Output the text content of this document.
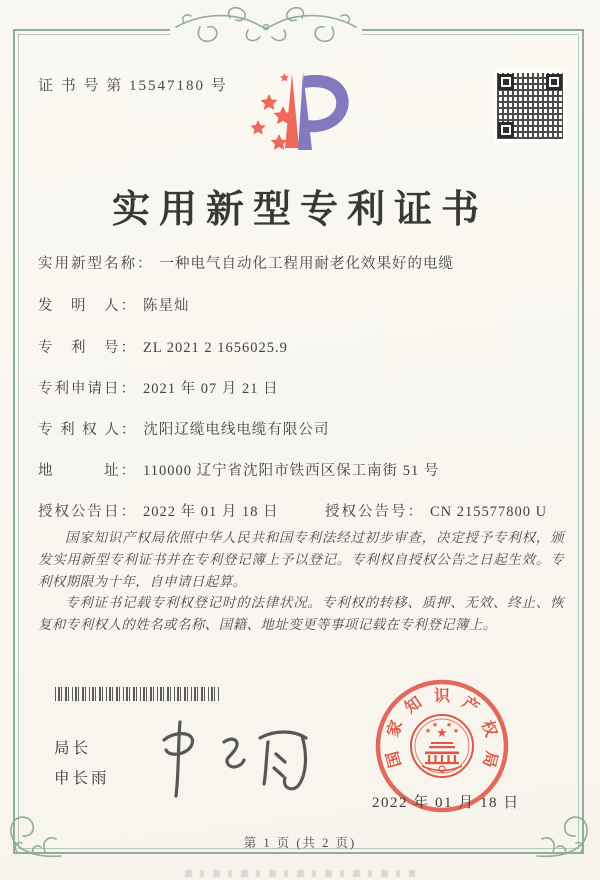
证 书 号 第 15547180 号
实用新型专利证书
实用新型名称： 一种电气自动化工程用耐老化效果好的电缆
发　明　人： 陈星灿
专　利　号： ZL 2021 2 1656025.9
专利申请日： 2021 年 07 月 21 日
专 利 权 人： 沈阳辽缆电线电缆有限公司
地　　　址： 110000 辽宁省沈阳市铁西区保工南街 51 号
授权公告日： 2022 年 01 月 18 日	授权公告号： CN 215577800 U

国家知识产权局依照中华人民共和国专利法经过初步审查，决定授予专利权，颁发实用新型专利证书并在专利登记簿上予以登记。专利权自授权公告之日起生效。专利权期限为十年，自申请日起算。

专利证书记载专利权登记时的法律状况。专利权的转移、质押、无效、终止、恢复和专利权人的姓名或名称、国籍、地址变更等事项记载在专利登记簿上。

局长
申长雨
国
家
知 识 产
权
局
★
★
★ ★
★
2022 年 01 月 18 日
第 1 页 (共 2 页)
